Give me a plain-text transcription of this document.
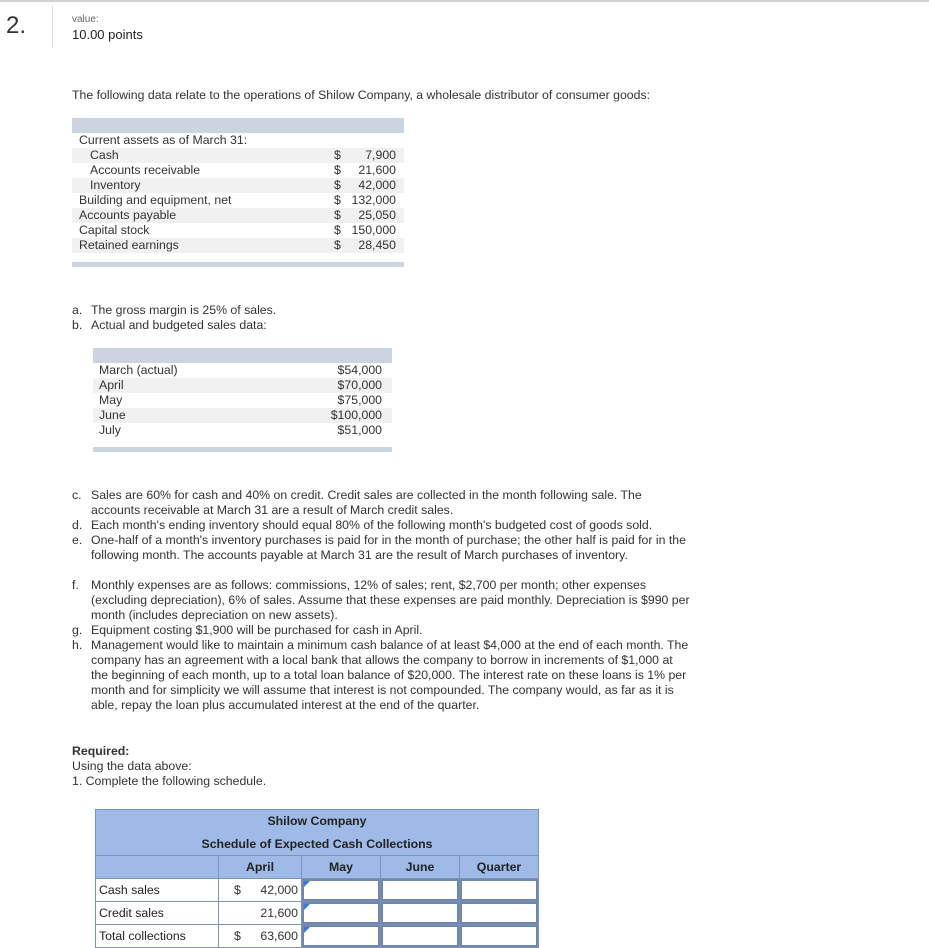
2.	value:
10.00 points
The following data relate to the operations of Shilow Company, a wholesale distributor of consumer goods:
Current assets as of March 31:
Cash	$ 7,900
Accounts receivable	$ 21,600
Inventory	$ 42,000
Building and equipment, net	$ 132,000
Accounts payable	$ 25,050
Capital stock	$ 150,000
Retained earnings	$ 28,450
a. The gross margin is 25% of sales.
b. Actual and budgeted sales data:
March (actual)	$54,000
April	$70,000
May	$75,000
June	$100,000
July	$51,000
c. Sales are 60% for cash and 40% on credit. Credit sales are collected in the month following sale. The accounts receivable at March 31 are a result of March credit sales.
d. Each month's ending inventory should equal 80% of the following month's budgeted cost of goods sold.
e. One-half of a month's inventory purchases is paid for in the month of purchase; the other half is paid for in the following month. The accounts payable at March 31 are the result of March purchases of inventory.
f. Monthly expenses are as follows: commissions, 12% of sales; rent, $2,700 per month; other expenses (excluding depreciation), 6% of sales. Assume that these expenses are paid monthly. Depreciation is $990 per month (includes depreciation on new assets).
g. Equipment costing $1,900 will be purchased for cash in April.
h. Management would like to maintain a minimum cash balance of at least $4,000 at the end of each month. The company has an agreement with a local bank that allows the company to borrow in increments of $1,000 at the beginning of each month, up to a total loan balance of $20,000. The interest rate on these loans is 1% per month and for simplicity we will assume that interest is not compounded. The company would, as far as it is able, repay the loan plus accumulated interest at the end of the quarter.
Required:
Using the data above:
1. Complete the following schedule.
Shilow Company				
Schedule of Expected Cash Collections				
	April	May	June	Quarter
Cash sales	$ 42,000			

Credit sales	21,600			

Total collections	$ 63,600			
